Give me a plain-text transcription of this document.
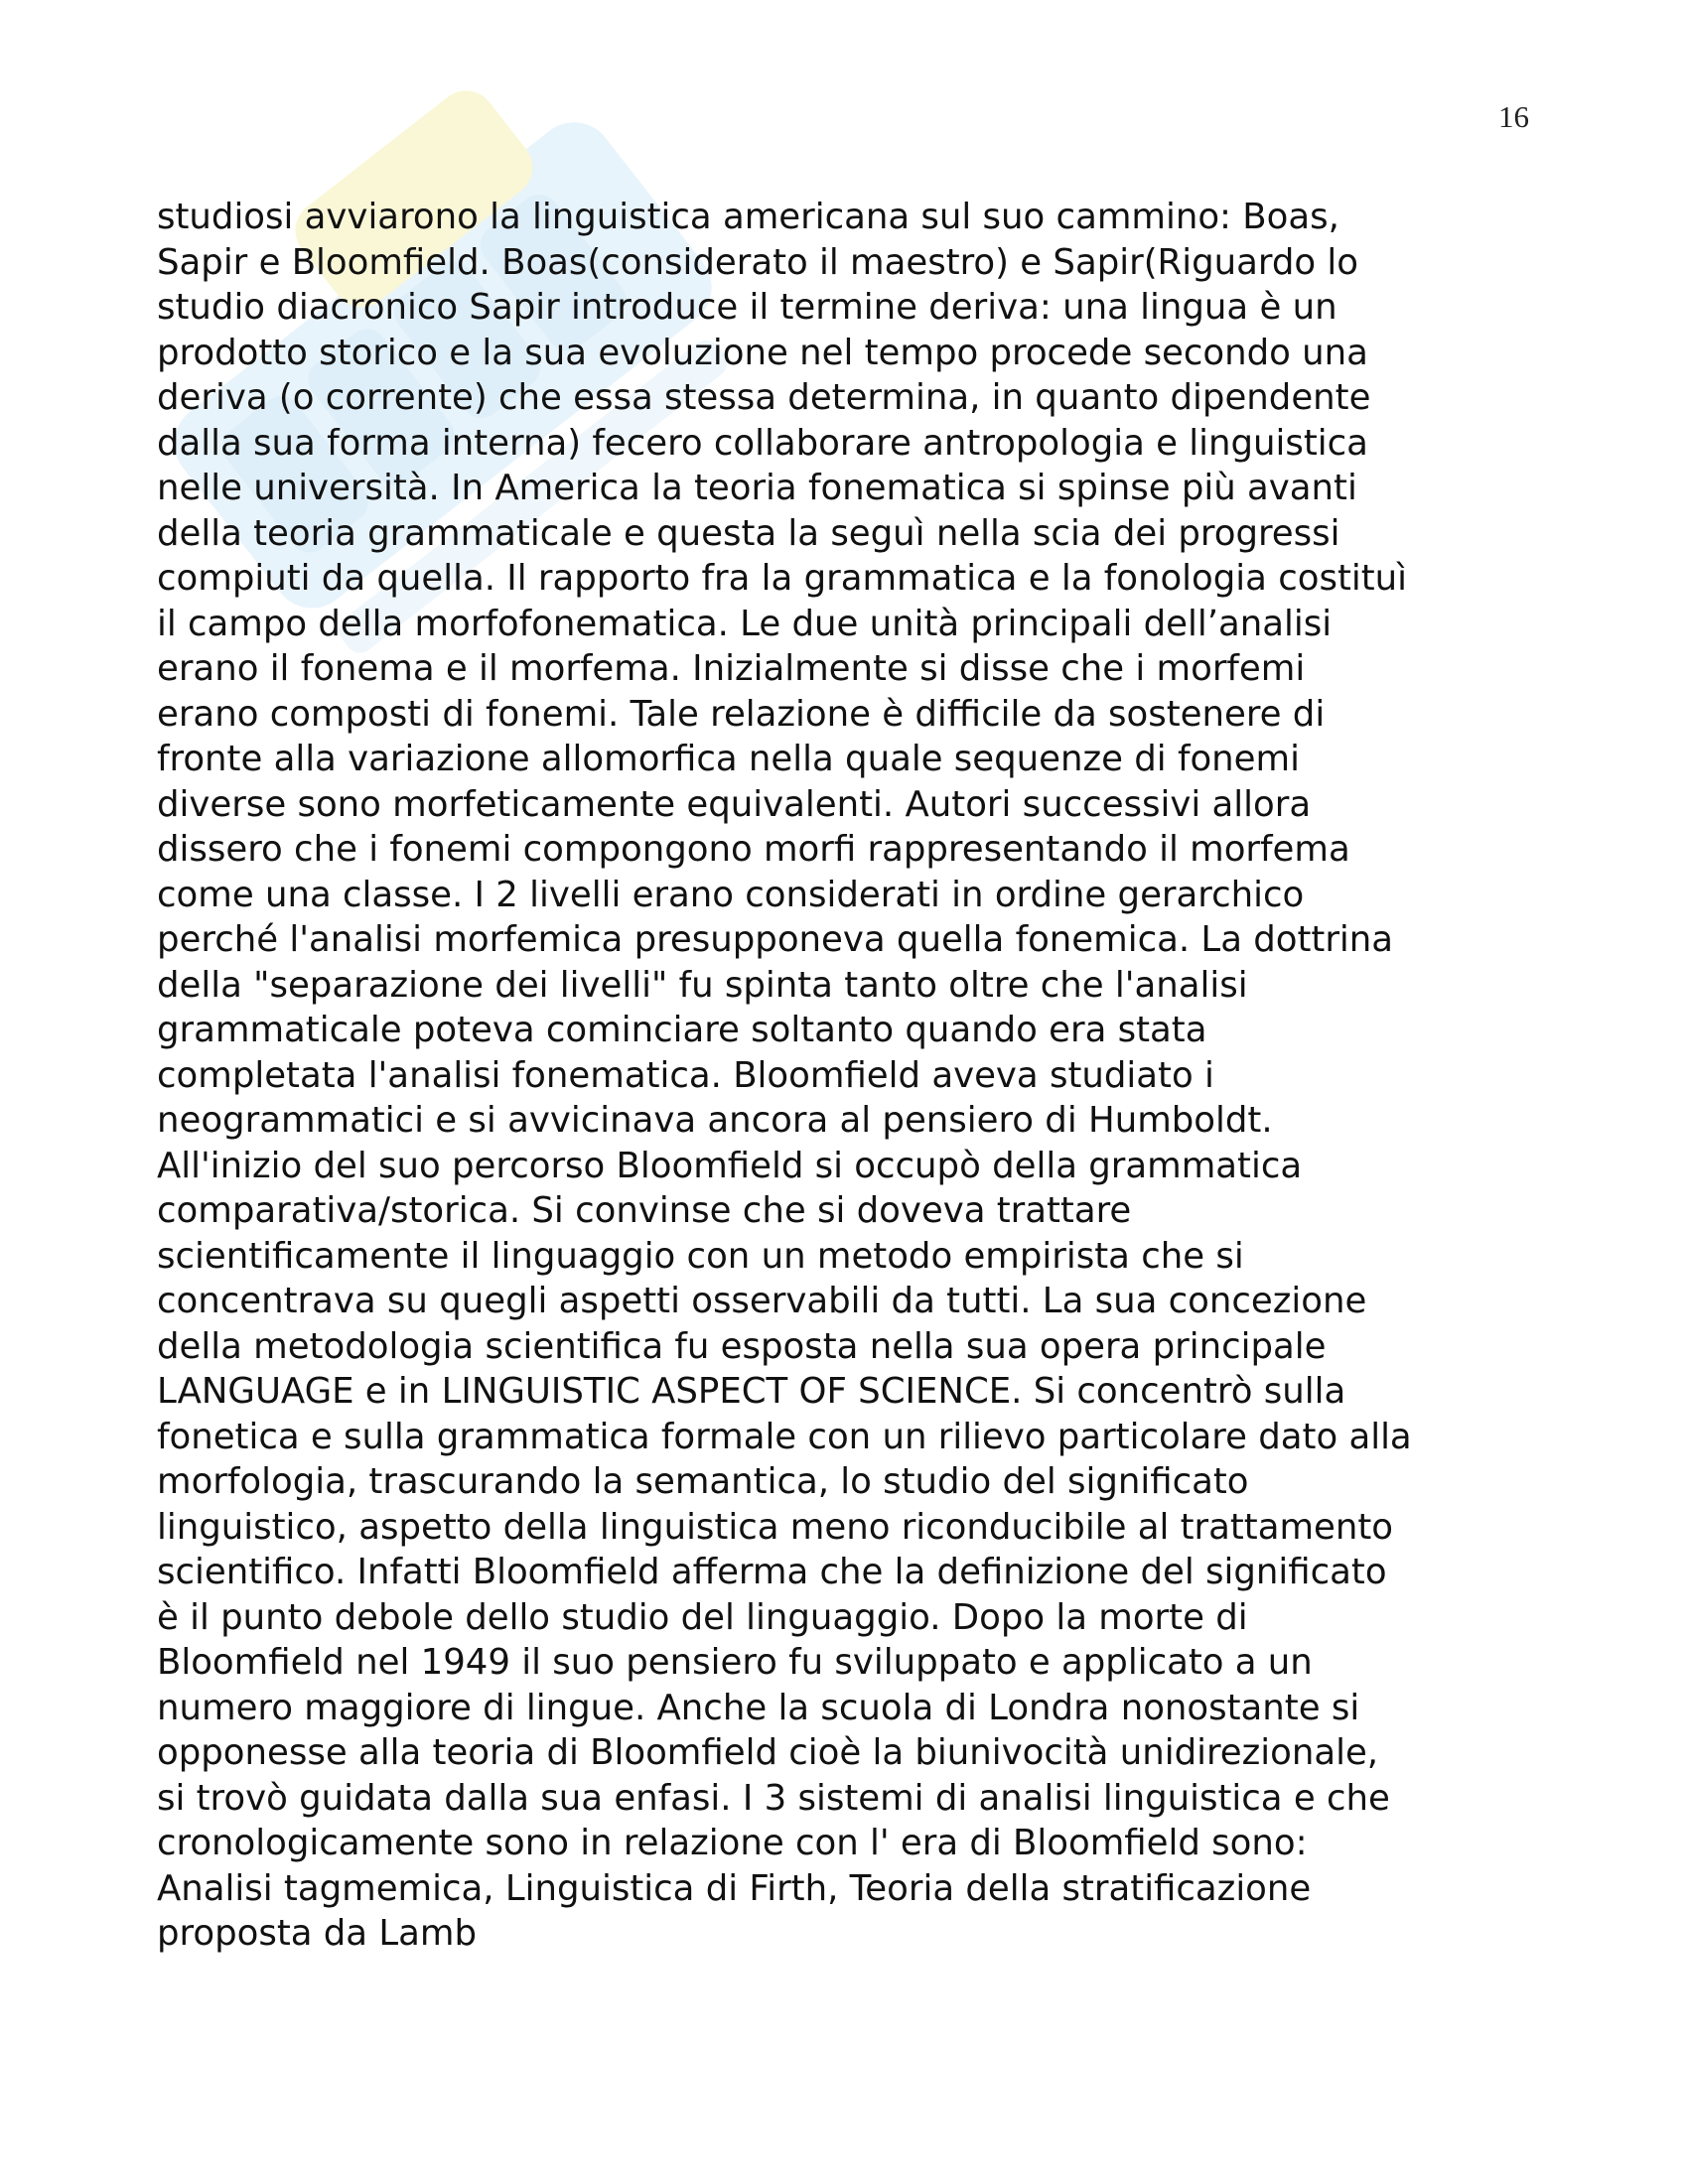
16
studiosi avviarono la linguistica americana sul suo cammino: Boas,
Sapir e Bloomfield. Boas(considerato il maestro) e Sapir(Riguardo lo
studio diacronico Sapir introduce il termine deriva: una lingua è un
prodotto storico e la sua evoluzione nel tempo procede secondo una
deriva (o corrente) che essa stessa determina, in quanto dipendente
dalla sua forma interna) fecero collaborare antropologia e linguistica
nelle università. In America la teoria fonematica si spinse più avanti
della teoria grammaticale e questa la seguì nella scia dei progressi
compiuti da quella. Il rapporto fra la grammatica e la fonologia costituì
il campo della morfofonematica. Le due unità principali dell’analisi
erano il fonema e il morfema. Inizialmente si disse che i morfemi
erano composti di fonemi. Tale relazione è difficile da sostenere di
fronte alla variazione allomorfica nella quale sequenze di fonemi
diverse sono morfeticamente equivalenti. Autori successivi allora
dissero che i fonemi compongono morfi rappresentando il morfema
come una classe. I 2 livelli erano considerati in ordine gerarchico
perché l'analisi morfemica presupponeva quella fonemica. La dottrina
della "separazione dei livelli" fu spinta tanto oltre che l'analisi
grammaticale poteva cominciare soltanto quando era stata
completata l'analisi fonematica. Bloomfield aveva studiato i
neogrammatici e si avvicinava ancora al pensiero di Humboldt.
All'inizio del suo percorso Bloomfield si occupò della grammatica
comparativa/storica. Si convinse che si doveva trattare
scientificamente il linguaggio con un metodo empirista che si
concentrava su quegli aspetti osservabili da tutti. La sua concezione
della metodologia scientifica fu esposta nella sua opera principale
LANGUAGE e in LINGUISTIC ASPECT OF SCIENCE. Si concentrò sulla
fonetica e sulla grammatica formale con un rilievo particolare dato alla
morfologia, trascurando la semantica, lo studio del significato
linguistico, aspetto della linguistica meno riconducibile al trattamento
scientifico. Infatti Bloomfield afferma che la definizione del significato
è il punto debole dello studio del linguaggio. Dopo la morte di
Bloomfield nel 1949 il suo pensiero fu sviluppato e applicato a un
numero maggiore di lingue. Anche la scuola di Londra nonostante si
opponesse alla teoria di Bloomfield cioè la biunivocità unidirezionale,
si trovò guidata dalla sua enfasi. I 3 sistemi di analisi linguistica e che
cronologicamente sono in relazione con l' era di Bloomfield sono:
Analisi tagmemica, Linguistica di Firth, Teoria della stratificazione
proposta da Lamb
